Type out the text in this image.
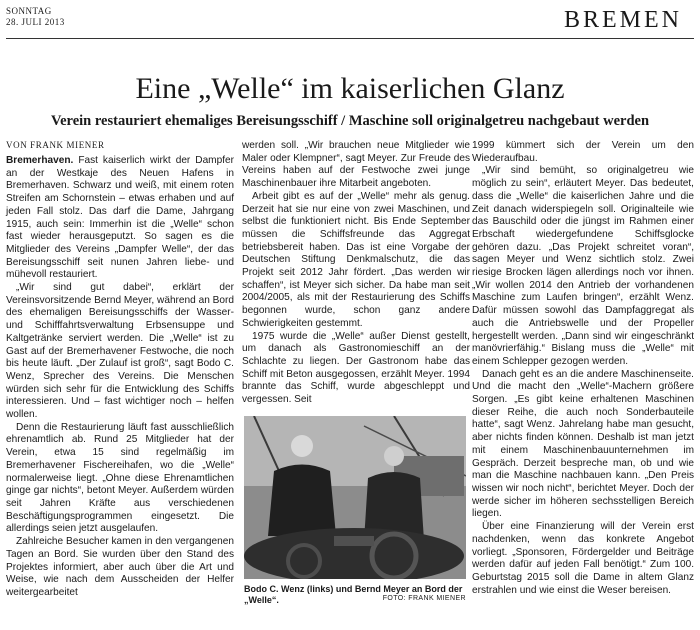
SONNTAG
28. JULI 2013	BREMEN
Eine „Welle“ im kaiserlichen Glanz
Verein restauriert ehemaliges Bereisungsschiff / Maschine soll originalgetreu nachgebaut werden
VON FRANK MIENER

Bremerhaven. Fast kaiserlich wirkt der Dampfer an der Westkaje des Neuen Hafens in Bremerhaven. Schwarz und weiß, mit einem roten Streifen am Schornstein – etwas erhaben und auf jeden Fall stolz. Das darf die Dame, Jahrgang 1915, auch sein: Immerhin ist die „Welle“ schon fast wieder herausgeputzt. So sagen es die Mitglieder des Vereins „Dampfer Welle“, der das Bereisungsschiff seit nunen Jahren liebe- und mühevoll restauriert.

„Wir sind gut dabei“, erklärt der Vereinsvorsitzende Bernd Meyer, während an Bord des ehemaligen Bereisungsschiffs der Wasser- und Schifffahrtsverwaltung Erbsensuppe und Kaltgetränke serviert werden. Die „Welle“ ist zu Gast auf der Bremerhavener Festwoche, die noch bis heute läuft. „Der Zulauf ist groß“, sagt Bodo C. Wenz, Sprecher des Vereins. Die Menschen würden sich sehr für die Entwicklung des Schiffs interessieren. Und – fast wichtiger noch – helfen wollen.

Denn die Restaurierung läuft fast ausschließlich ehrenamtlich ab. Rund 25 Mitglieder hat der Verein, etwa 15 sind regelmäßig im Bremerhavener Fischereihafen, wo die „Welle“ normalerweise liegt. „Ohne diese Ehrenamtlichen ginge gar nichts“, betont Meyer. Außerdem würden seit Jahren Kräfte aus verschiedenen Beschäftigungsprogrammen eingesetzt. Die allerdings seien jetzt ausgelaufen.

Zahlreiche Besucher kamen in den vergangenen Tagen an Bord. Sie wurden über den Stand des Projektes informiert, aber auch über die Art und Weise, wie nach dem Ausscheiden der Helfer weitergearbeitet

werden soll. „Wir brauchen neue Mitglieder wie Maler oder Klempner“, sagt Meyer. Zur Freude des Vereins haben auf der Festwoche zwei junge Maschinenbauer ihre Mitarbeit angeboten.

Arbeit gibt es auf der „Welle“ mehr als genug. Derzeit hat sie nur eine von zwei Maschinen, und selbst die funktioniert nicht. Bis Ende September müssen die Schiffsfreunde das Aggregat betriebsbereit haben. Das ist eine Vorgabe der Deutschen Stiftung Denkmalschutz, die das Projekt seit 2012 Jahr fördert. „Das werden wir schaffen“, ist Meyer sich sicher. Da habe man seit 2004/2005, als mit der Restaurierung des Schiffs begonnen wurde, schon ganz andere Schwierigkeiten gestemmt.

1975 wurde die „Welle“ außer Dienst gestellt, um danach als Gastronomieschiff an der Schlachte zu liegen. Der Gastronom habe das Schiff mit Beton ausgegossen, erzählt Meyer. 1994 brannte das Schiff, wurde abgeschleppt und vergessen. Seit

1999 kümmert sich der Verein um den Wiederaufbau.

„Wir sind bemüht, so originalgetreu wie möglich zu sein“, erläutert Meyer. Das bedeutet, dass die „Welle“ die kaiserlichen Jahre und die Zeit danach widerspiegeln soll. Originalteile wie das Bauschild oder die jüngst im Rahmen einer Erbschaft wiedergefundene Schiffsglocke gehören dazu. „Das Projekt schreitet voran“, sagen Meyer und Wenz sichtlich stolz. Zwei riesige Brocken lägen allerdings noch vor ihnen. „Wir wollen 2014 den Antrieb der vorhandenen Maschine zum Laufen bringen“, erzählt Wenz. Dafür müssen sowohl das Dampfaggregat als auch die Antriebswelle und der Propeller hergestellt werden. „Dann sind wir eingeschränkt manövrierfähig.“ Bislang muss die „Welle“ mit einem Schlepper gezogen werden.

Danach geht es an die andere Maschinenseite. Und die macht den „Welle“-Machern größere Sorgen. „Es gibt keine erhaltenen Maschinen dieser Reihe, die auch noch Sonderbauteile hatte“, sagt Wenz. Jahrelang habe man gesucht, aber nichts finden können. Deshalb ist man jetzt mit einem Maschinenbauunternehmen im Gespräch. Derzeit bespreche man, ob und wie man die Maschine nachbauen kann. „Den Preis wissen wir noch nicht“, berichtet Meyer. Doch der werde sicher im höheren sechsstelligen Bereich liegen.

Über eine Finanzierung will der Verein erst nachdenken, wenn das konkrete Angebot vorliegt. „Sponsoren, Fördergelder und Beiträge werden dafür auf jeden Fall benötigt.“ Zum 100. Geburtstag 2015 soll die Dame in altem Glanz erstrahlen und wie einst die Weser bereisen.

Bodo C. Wenz (links) und Bernd Meyer an Bord der „Welle“.	FOTO: FRANK MIENER
